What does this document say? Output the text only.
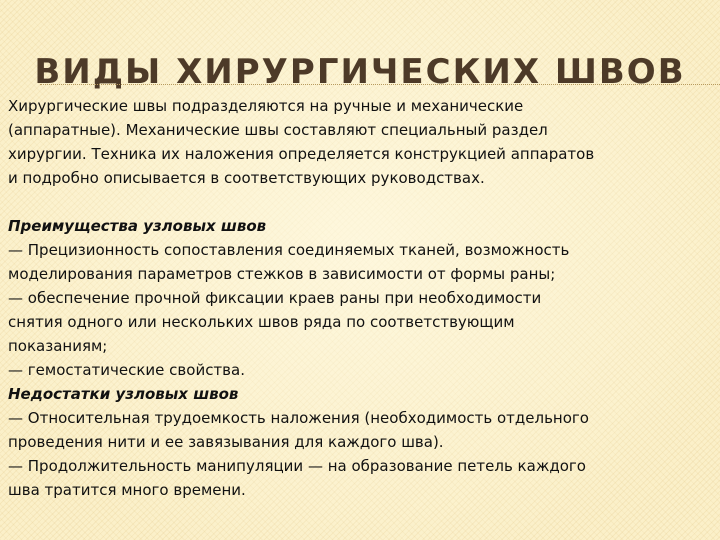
ВИДЫ ХИРУРГИЧЕСКИХ ШВОВ

Хирургические швы подразделяются на ручные и механические

(аппаратные). Механические швы составляют специальный раздел

хирургии. Техника их наложения определяется конструкцией аппаратов

и подробно описывается в соответствующих руководствах.

Преимущества узловых швов

— Прецизионность сопоставления соединяемых тканей, возможность

моделирования параметров стежков в зависимости от формы раны;

— обеспечение прочной фиксации краев раны при необходимости

снятия одного или нескольких швов ряда по соответствующим

показаниям;

— гемостатические свойства.

Недостатки узловых швов

— Относительная трудоемкость наложения (необходимость отдельного

проведения нити и ее завязывания для каждого шва).

— Продолжительность манипуляции — на образование петель каждого

шва тратится много времени.
